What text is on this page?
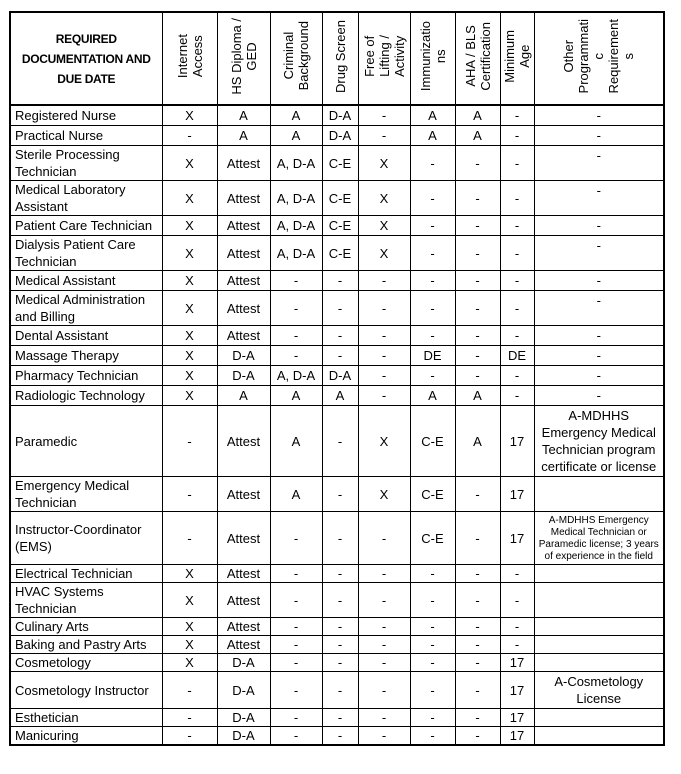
REQUIRED
DOCUMENTATION AND
DUE DATE

Internet Access	HS Diploma / GED	Criminal Background	Drug Screen	Free of Lifting / Activity	Immunizatio ns	AHA / BLS Certification	Minimum Age	Other Programmati c Requirement s

Registered Nurse	X	A	A	D-A	-	A	A	-	-
Practical Nurse	-	A	A	D-A	-	A	A	-	-
Sterile Processing Technician	X	Attest	A, D-A	C-E	X	-	-	-	-
Medical Laboratory Assistant	X	Attest	A, D-A	C-E	X	-	-	-	-
Patient Care Technician	X	Attest	A, D-A	C-E	X	-	-	-	-
Dialysis Patient Care Technician	X	Attest	A, D-A	C-E	X	-	-	-	-
Medical Assistant	X	Attest	-	-	-	-	-	-	-
Medical Administration and Billing	X	Attest	-	-	-	-	-	-	-
Dental Assistant	X	Attest	-	-	-	-	-	-	-
Massage Therapy	X	D-A	-	-	-	DE	-	DE	-
Pharmacy Technician	X	D-A	A, D-A	D-A	-	-	-	-	-
Radiologic Technology	X	A	A	A	-	A	A	-	-
Paramedic	-	Attest	A	-	X	C-E	A	17	A-MDHHS Emergency Medical Technician program certificate or license
Emergency Medical Technician	-	Attest	A	-	X	C-E	-	17	
Instructor-Coordinator (EMS)	-	Attest	-	-	-	C-E	-	17	A-MDHHS Emergency Medical Technician or Paramedic license; 3 years of experience in the field
Electrical Technician	X	Attest	-	-	-	-	-	-	
HVAC Systems Technician	X	Attest	-	-	-	-	-	-	
Culinary Arts	X	Attest	-	-	-	-	-	-	
Baking and Pastry Arts	X	Attest	-	-	-	-	-	-	
Cosmetology	X	D-A	-	-	-	-	-	17	
Cosmetology Instructor	-	D-A	-	-	-	-	-	17	A-Cosmetology License
Esthetician	-	D-A	-	-	-	-	-	17	
Manicuring	-	D-A	-	-	-	-	-	17	
